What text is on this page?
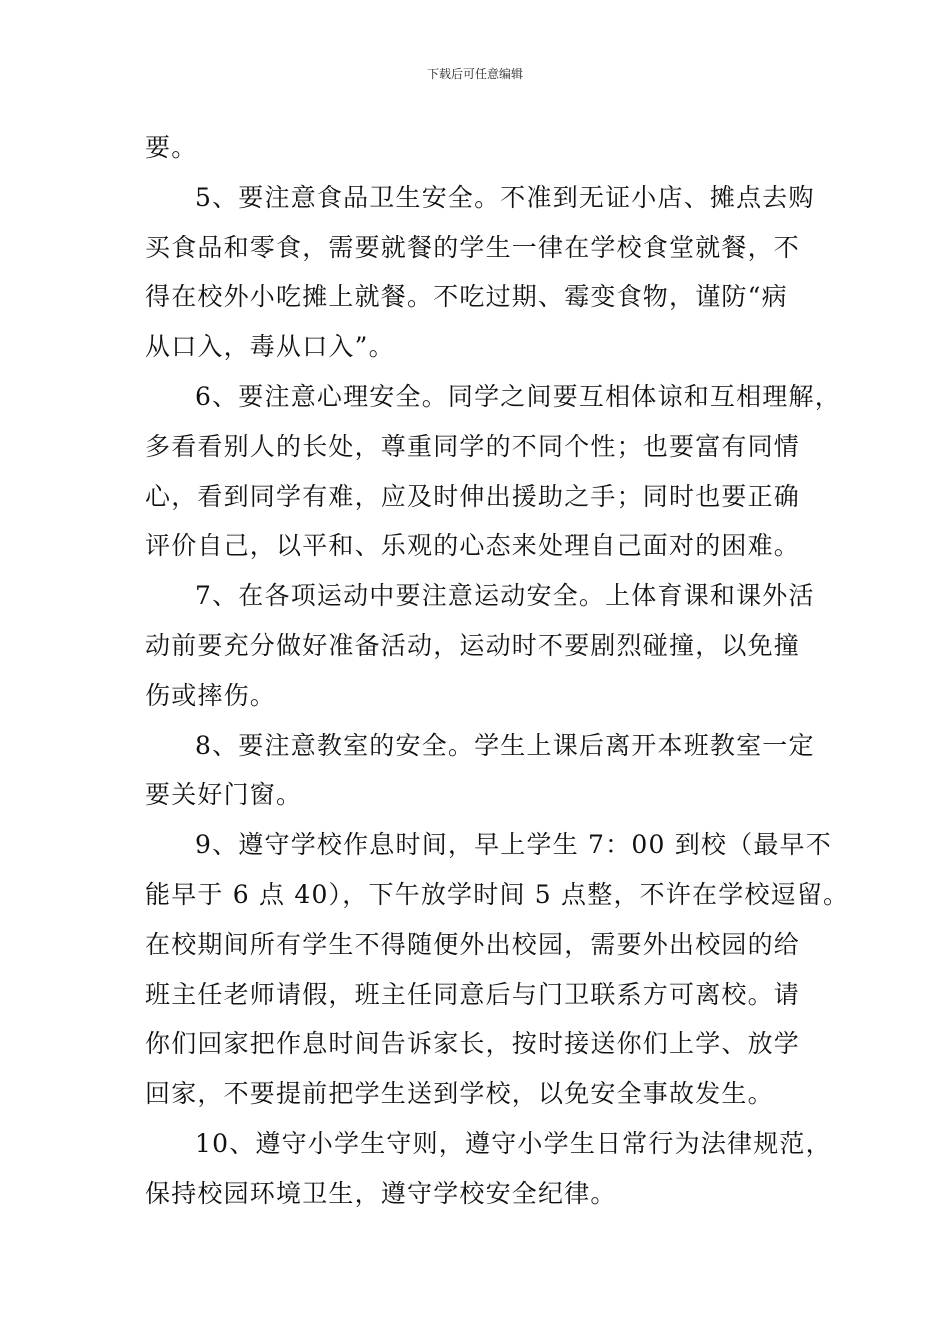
下载后可任意编辑
要。
5、要注意食品卫生安全。不准到无证小店、摊点去购
买食品和零食，需要就餐的学生一律在学校食堂就餐，不
得在校外小吃摊上就餐。不吃过期、霉变食物，谨防“病
从口入，毒从口入”。
6、要注意心理安全。同学之间要互相体谅和互相理解，
多看看别人的长处，尊重同学的不同个性；也要富有同情
心，看到同学有难，应及时伸出援助之手；同时也要正确
评价自己，以平和、乐观的心态来处理自己面对的困难。
7、在各项运动中要注意运动安全。上体育课和课外活
动前要充分做好准备活动，运动时不要剧烈碰撞，以免撞
伤或摔伤。
8、要注意教室的安全。学生上课后离开本班教室一定
要关好门窗。
9、遵守学校作息时间，早上学生 7：00 到校（最早不
能早于 6 点 40），下午放学时间 5 点整，不许在学校逗留。
在校期间所有学生不得随便外出校园，需要外出校园的给
班主任老师请假，班主任同意后与门卫联系方可离校。请
你们回家把作息时间告诉家长，按时接送你们上学、放学
回家，不要提前把学生送到学校，以免安全事故发生。
10、遵守小学生守则，遵守小学生日常行为法律规范，
保持校园环境卫生，遵守学校安全纪律。
